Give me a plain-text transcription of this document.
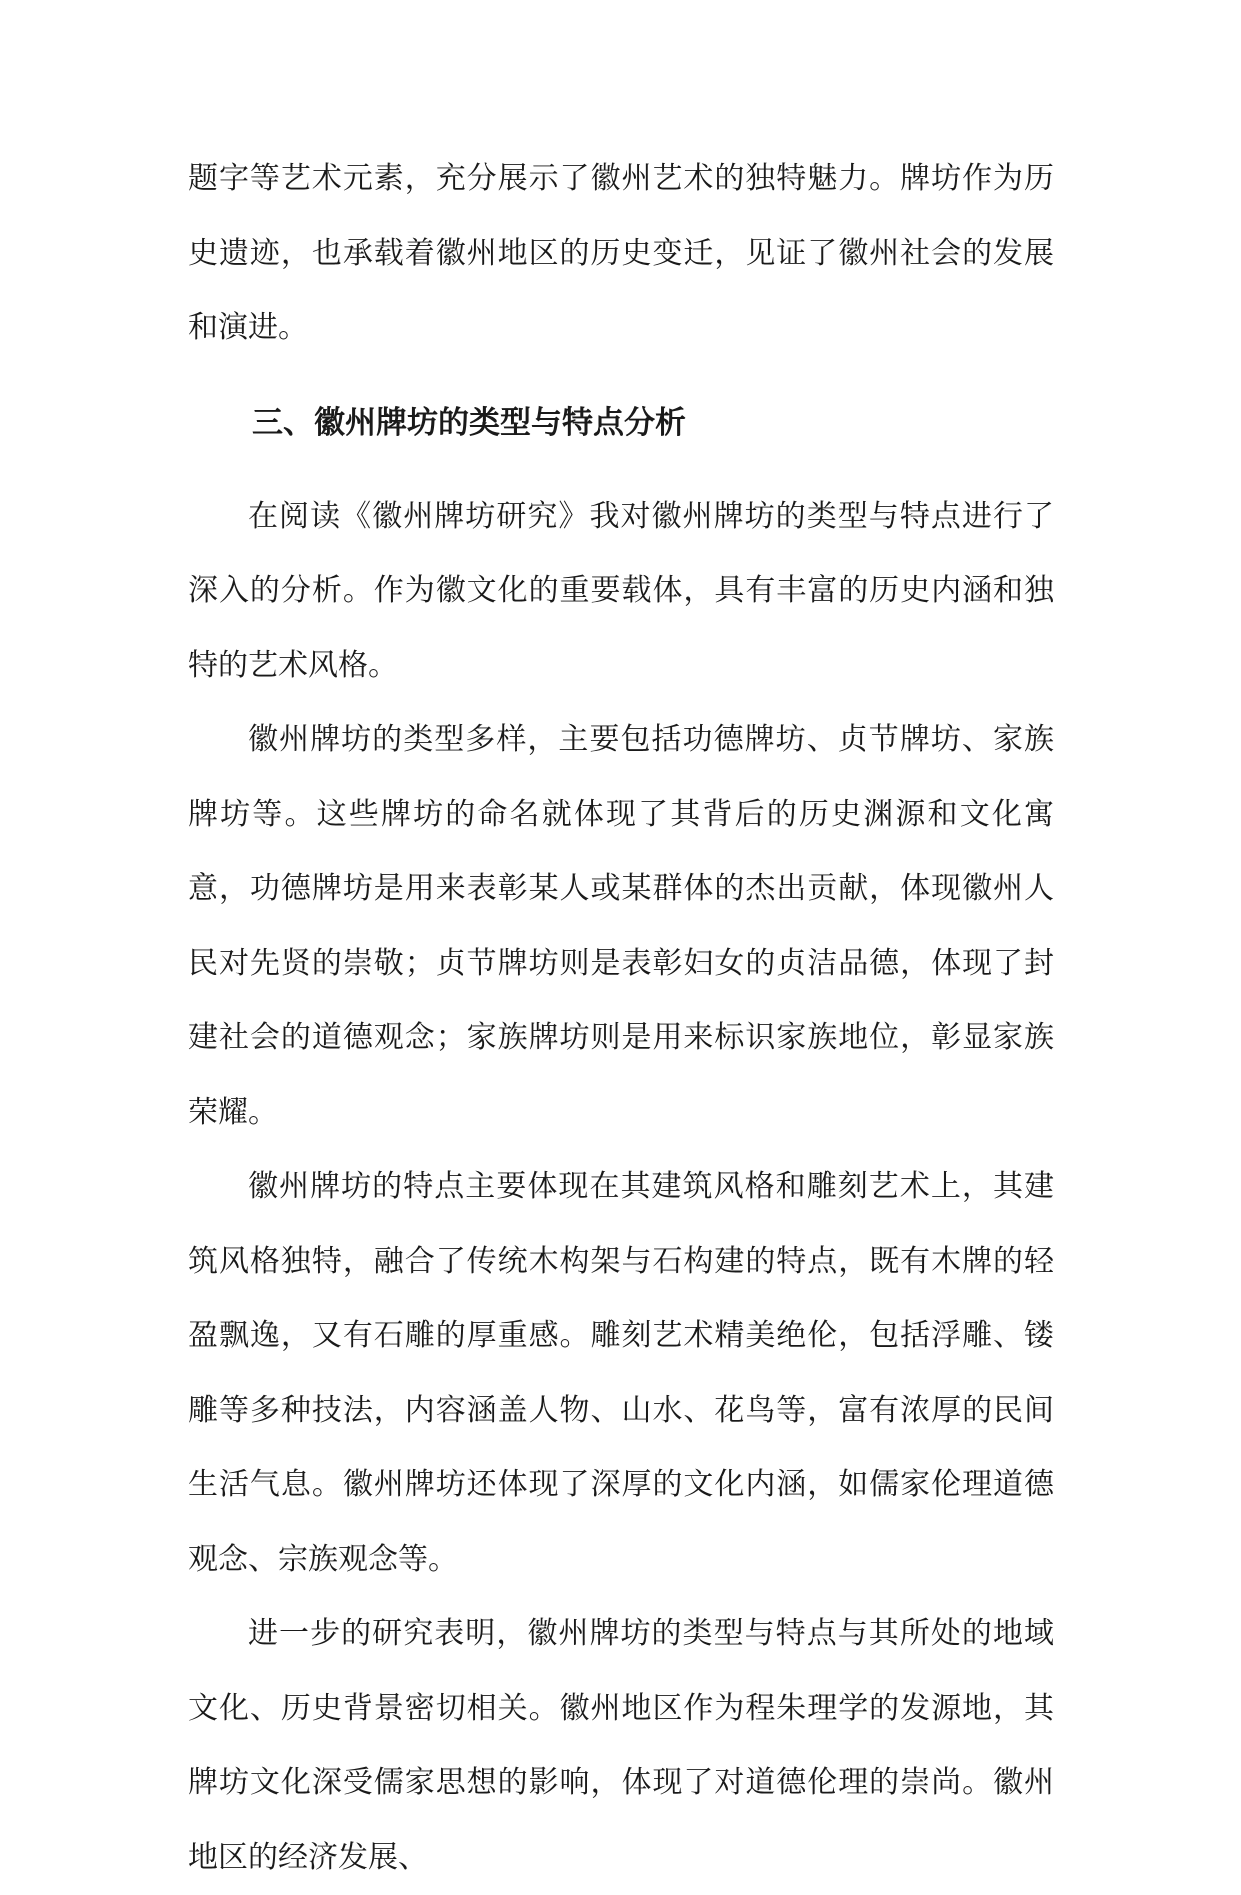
题字等艺术元素，充分展示了徽州艺术的独特魅力。牌坊作为历史遗迹，也承载着徽州地区的历史变迁，见证了徽州社会的发展和演进。

三、徽州牌坊的类型与特点分析

在阅读《徽州牌坊研究》我对徽州牌坊的类型与特点进行了深入的分析。作为徽文化的重要载体，具有丰富的历史内涵和独特的艺术风格。

徽州牌坊的类型多样，主要包括功德牌坊、贞节牌坊、家族牌坊等。这些牌坊的命名就体现了其背后的历史渊源和文化寓意，功德牌坊是用来表彰某人或某群体的杰出贡献，体现徽州人民对先贤的崇敬；贞节牌坊则是表彰妇女的贞洁品德，体现了封建社会的道德观念；家族牌坊则是用来标识家族地位，彰显家族荣耀。

徽州牌坊的特点主要体现在其建筑风格和雕刻艺术上，其建筑风格独特，融合了传统木构架与石构建的特点，既有木牌的轻盈飘逸，又有石雕的厚重感。雕刻艺术精美绝伦，包括浮雕、镂雕等多种技法，内容涵盖人物、山水、花鸟等，富有浓厚的民间生活气息。徽州牌坊还体现了深厚的文化内涵，如儒家伦理道德观念、宗族观念等。

进一步的研究表明，徽州牌坊的类型与特点与其所处的地域文化、历史背景密切相关。徽州地区作为程朱理学的发源地，其牌坊文化深受儒家思想的影响，体现了对道德伦理的崇尚。徽州地区的经济发展、
